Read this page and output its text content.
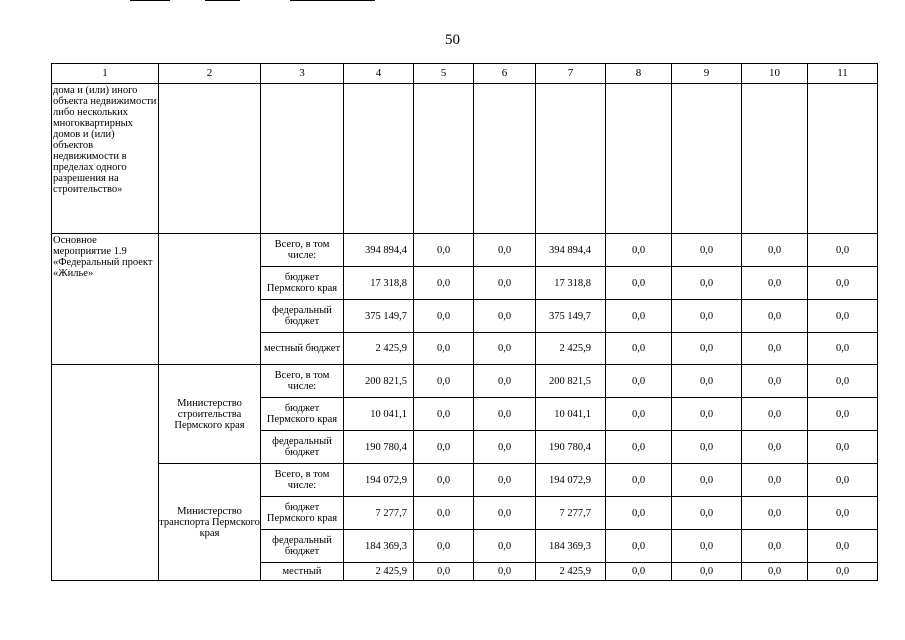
50
1	2	3	4	5	6	7	8	9	10	11
дома и (или) иного объекта недвижимости либо нескольких многоквартирных домов и (или) объектов недвижимости в пределах одного разрешения на строительство»										
Основное мероприятие 1.9 «Федеральный проект «Жилье»		Всего, в том числе:	394 894,4	0,0	0,0	394 894,4	0,0	0,0	0,0	0,0
		бюджет Пермского края	17 318,8	0,0	0,0	17 318,8	0,0	0,0	0,0	0,0
		федеральный бюджет	375 149,7	0,0	0,0	375 149,7	0,0	0,0	0,0	0,0
		местный бюджет	2 425,9	0,0	0,0	2 425,9	0,0	0,0	0,0	0,0
	Министерство строительства Пермского края	Всего, в том числе:	200 821,5	0,0	0,0	200 821,5	0,0	0,0	0,0	0,0
		бюджет Пермского края	10 041,1	0,0	0,0	10 041,1	0,0	0,0	0,0	0,0
		федеральный бюджет	190 780,4	0,0	0,0	190 780,4	0,0	0,0	0,0	0,0
	Министерство транспорта Пермского края	Всего, в том числе:	194 072,9	0,0	0,0	194 072,9	0,0	0,0	0,0	0,0
		бюджет Пермского края	7 277,7	0,0	0,0	7 277,7	0,0	0,0	0,0	0,0
		федеральный бюджет	184 369,3	0,0	0,0	184 369,3	0,0	0,0	0,0	0,0
		местный	2 425,9	0,0	0,0	2 425,9	0,0	0,0	0,0	0,0
